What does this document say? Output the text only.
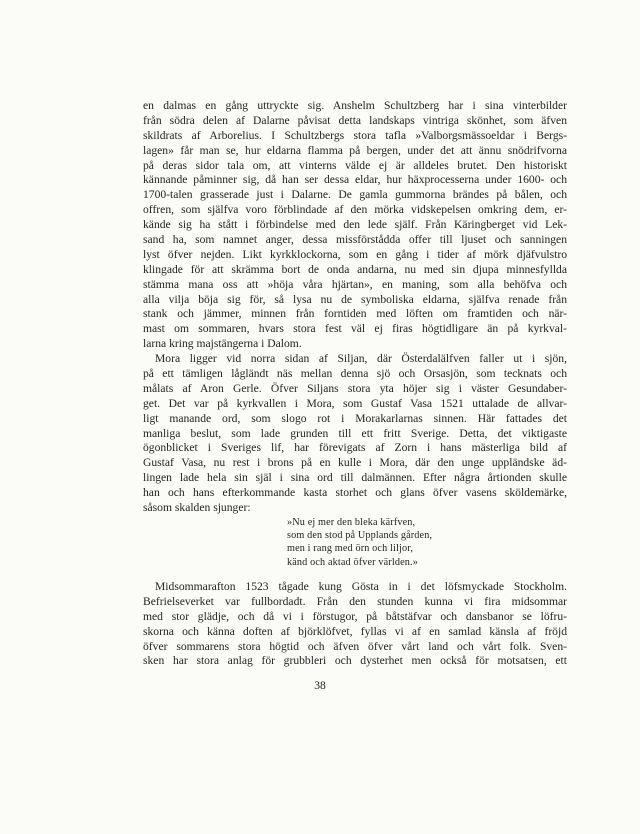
en dalmas en gång uttryckte sig. Anshelm Schultzberg har i sina vinterbilder
från södra delen af Dalarne påvisat detta landskaps vintriga skönhet, som äfven
skildrats af Arborelius. I Schultzbergs stora tafla »Valborgsmässoeldar i Bergs-
lagen» får man se, hur eldarna flamma på bergen, under det att ännu snödrifvorna
på deras sidor tala om, att vinterns välde ej är alldeles brutet. Den historiskt
kännande påminner sig, då han ser dessa eldar, hur häxprocesserna under 1600- och
1700-talen grasserade just i Dalarne. De gamla gummorna brändes på bålen, och
offren, som själfva voro förblindade af den mörka vidskepelsen omkring dem, er-
kände sig ha stått i förbindelse med den lede själf. Från Käringberget vid Lek-
sand ha, som namnet anger, dessa missförstådda offer till ljuset och sanningen
lyst öfver nejden. Likt kyrkklockorna, som en gång i tider af mörk djäfvulstro
klingade för att skrämma bort de onda andarna, nu med sin djupa minnesfyllda
stämma mana oss att »höja våra hjärtan», en maning, som alla behöfva och
alla vilja böja sig för, så lysa nu de symboliska eldarna, själfva renade från
stank och jämmer, minnen från forntiden med löften om framtiden och när-
mast om sommaren, hvars stora fest väl ej firas högtidligare än på kyrkval-
larna kring majstängerna i Dalom.
Mora ligger vid norra sidan af Siljan, där Österdalälfven faller ut i sjön,
på ett tämligen lågländt näs mellan denna sjö och Orsasjön, som tecknats och
målats af Aron Gerle. Öfver Siljans stora yta höjer sig i väster Gesundaber-
get. Det var på kyrkvallen i Mora, som Gustaf Vasa 1521 uttalade de allvar-
ligt manande ord, som slogo rot i Morakarlarnas sinnen. Här fattades det
manliga beslut, som lade grunden till ett fritt Sverige. Detta, det viktigaste
ögonblicket i Sveriges lif, har förevigats af Zorn i hans mästerliga bild af
Gustaf Vasa, nu rest i brons på en kulle i Mora, där den unge uppländske äd-
lingen lade hela sin själ i sina ord till dalmännen. Efter några årtionden skulle
han och hans efterkommande kasta storhet och glans öfver vasens sköldemärke,
såsom skalden sjunger:
»Nu ej mer den bleka kärfven,
som den stod på Upplands gården,
men i rang med örn och liljor,
känd och aktad öfver världen.»
Midsommarafton 1523 tågade kung Gösta in i det löfsmyckade Stockholm.
Befrielseverket var fullbordadt. Från den stunden kunna vi fira midsommar
med stor glädje, och då vi i förstugor, på båtstäfvar och dansbanor se löfru-
skorna och känna doften af björklöfvet, fyllas vi af en samlad känsla af fröjd
öfver sommarens stora högtid och äfven öfver vårt land och vårt folk. Sven-
sken har stora anlag för grubbleri och dysterhet men också för motsatsen, ett
38
